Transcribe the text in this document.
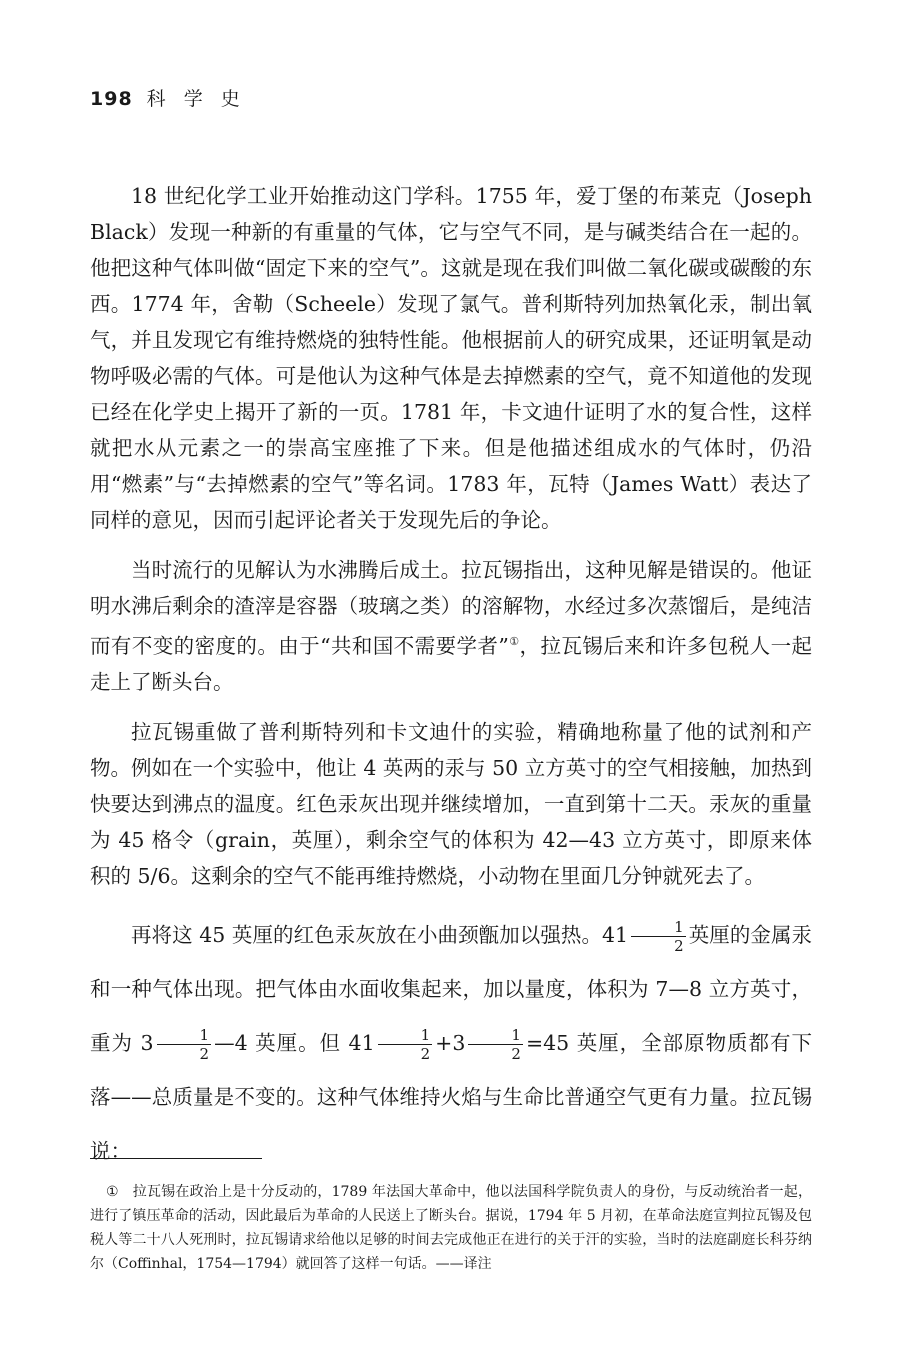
198 科 学 史

18 世纪化学工业开始推动这门学科。1755 年，爱丁堡的布莱克（Joseph Black）发现一种新的有重量的气体，它与空气不同，是与碱类结合在一起的。他把这种气体叫做“固定下来的空气”。这就是现在我们叫做二氧化碳或碳酸的东西。1774 年，舍勒（Scheele）发现了氯气。普利斯特列加热氧化汞，制出氧气，并且发现它有维持燃烧的独特性能。他根据前人的研究成果，还证明氧是动物呼吸必需的气体。可是他认为这种气体是去掉燃素的空气，竟不知道他的发现已经在化学史上揭开了新的一页。1781 年，卡文迪什证明了水的复合性，这样就把水从元素之一的崇高宝座推了下来。但是他描述组成水的气体时，仍沿用“燃素”与“去掉燃素的空气”等名词。1783 年，瓦特（James Watt）表达了同样的意见，因而引起评论者关于发现先后的争论。

当时流行的见解认为水沸腾后成土。拉瓦锡指出，这种见解是错误的。他证明水沸后剩余的渣滓是容器（玻璃之类）的溶解物，水经过多次蒸馏后，是纯洁而有不变的密度的。由于“共和国不需要学者”①，拉瓦锡后来和许多包税人一起走上了断头台。

拉瓦锡重做了普利斯特列和卡文迪什的实验，精确地称量了他的试剂和产物。例如在一个实验中，他让 4 英两的汞与 50 立方英寸的空气相接触，加热到快要达到沸点的温度。红色汞灰出现并继续增加，一直到第十二天。汞灰的重量为 45 格令（grain，英厘），剩余空气的体积为 42—43 立方英寸，即原来体积的 5/6。这剩余的空气不能再维持燃烧，小动物在里面几分钟就死去了。

再将这 45 英厘的红色汞灰放在小曲颈甑加以强热。$41 \frac{1}{2}$ 英厘的金属汞和一种气体出现。把气体由水面收集起来，加以量度，体积为 7—8 立方英寸，重为 $3 \frac{1}{2}$ —4 英厘。但 $41 \frac{1}{2} +3 \frac{1}{2} =45$ 英厘，全部原物质都有下落——总质量是不变的。这种气体维持火焰与生命比普通空气更有力量。拉瓦锡说：

① 拉瓦锡在政治上是十分反动的，1789 年法国大革命中，他以法国科学院负责人的身份，与反动统治者一起，进行了镇压革命的活动，因此最后为革命的人民送上了断头台。据说，1794 年 5 月初，在革命法庭宣判拉瓦锡及包税人等二十八人死刑时，拉瓦锡请求给他以足够的时间去完成他正在进行的关于汗的实验，当时的法庭副庭长科芬纳尔（Coffinhal，1754—1794）就回答了这样一句话。——译注
